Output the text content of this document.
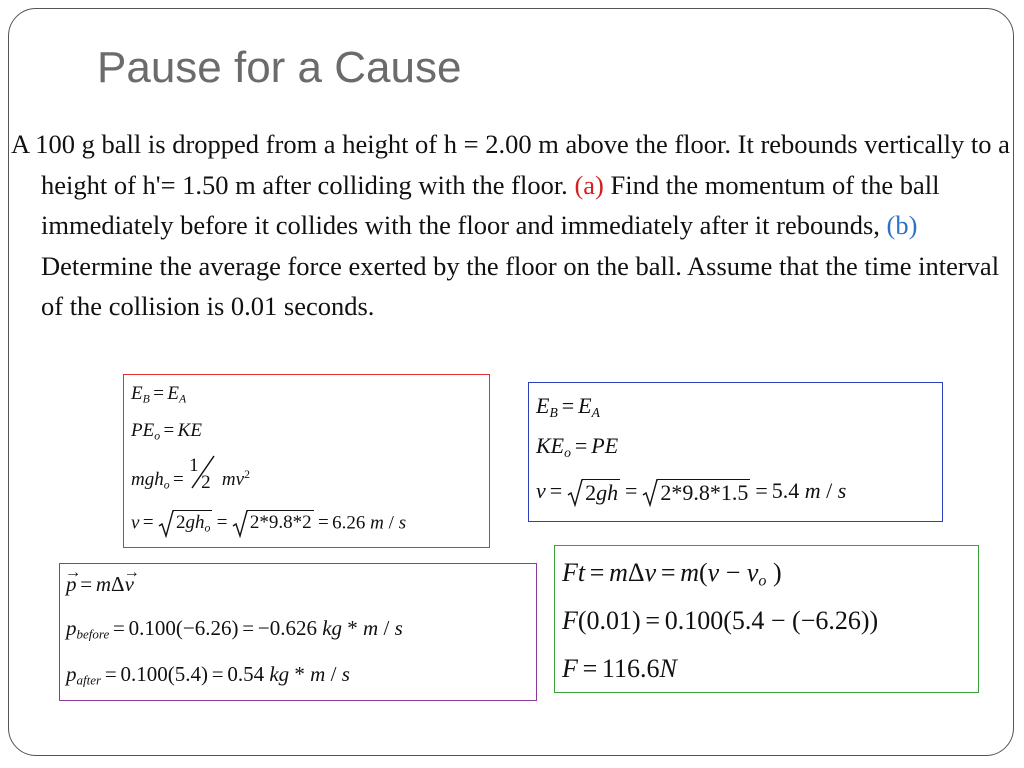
Pause for a Cause

A 100 g ball is dropped from a height of h = 2.00 m above the floor. It rebounds vertically to a height of h'= 1.50 m after colliding with the floor. (a) Find the momentum of the ball immediately before it collides with the floor and immediately after it rebounds, (b) Determine the average force exerted by the floor on the ball. Assume that the time interval of the collision is 0.01 seconds.

$E_B = E_A$
$PE_o$ = KE
mgh$_o$ =
1
2 $mv^2$
$v = 2gh_o = 2*9.8*2 = 6.26$ m / s
$E_B = E_A$
$KE_o$ = PE
v = 2gh = 2*9.8*1.5 = 5.4 m / s
→ p = mΔ→ v
$p_{before} = 0.100(-6.26) = -0.626$ kg * m / s
$p_{after} = 0.100(5.4) = 0.54$ kg * m / s
$Ft = m\Delta v = m(v - v_o$ )
F(0.01) = 0.100(5.4 − (−6.26))
F = 116.6N
